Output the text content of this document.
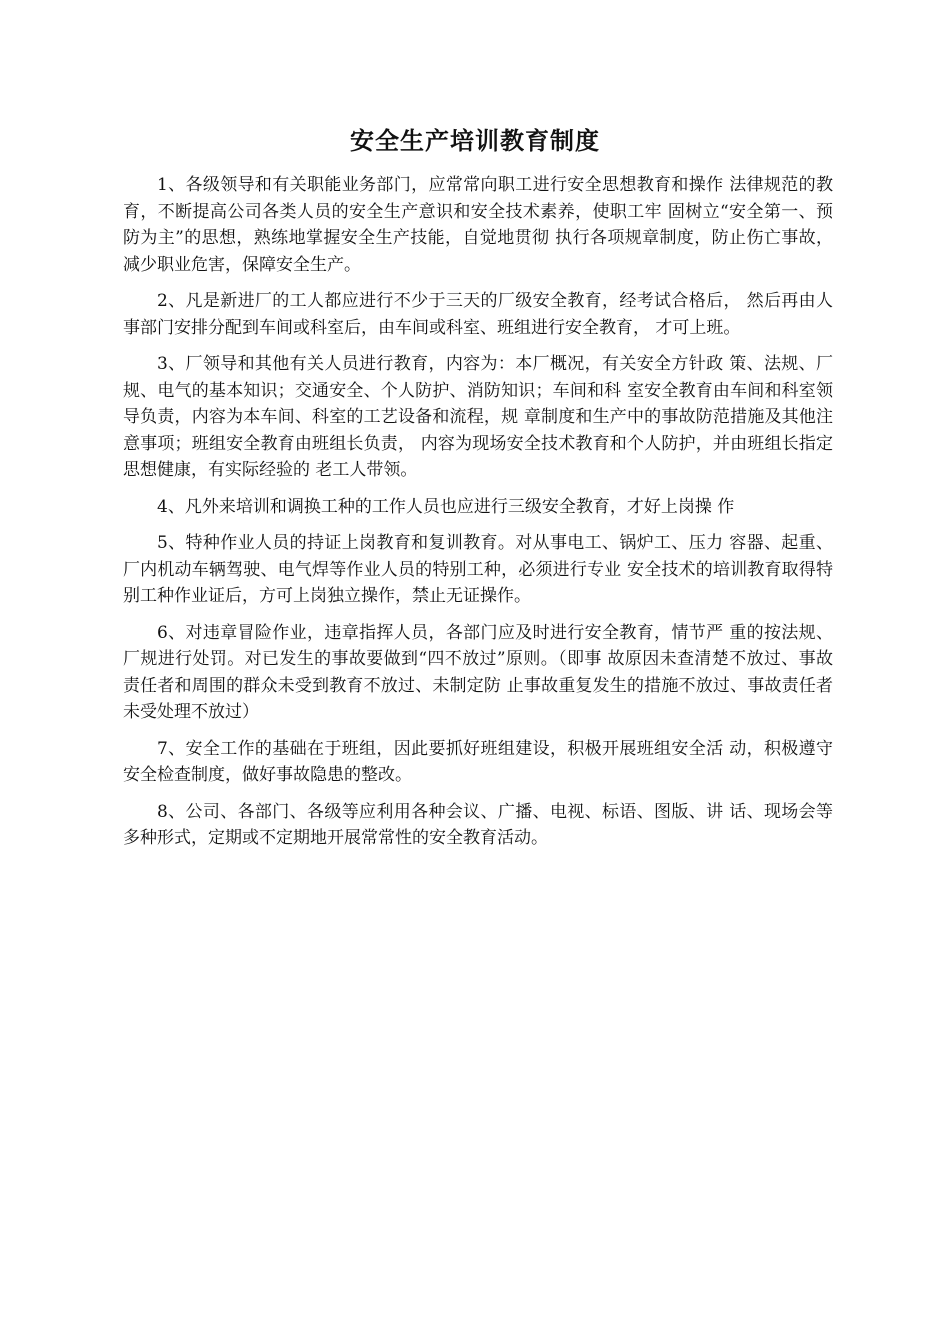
安全生产培训教育制度

1、各级领导和有关职能业务部门，应常常向职工进行安全思想教育和操作 法律规范的教育，不断提高公司各类人员的安全生产意识和安全技术素养，使职工牢 固树立“安全第一、预防为主”的思想，熟练地掌握安全生产技能，自觉地贯彻 执行各项规章制度，防止伤亡事故，减少职业危害，保障安全生产。

2、凡是新进厂的工人都应进行不少于三天的厂级安全教育，经考试合格后， 然后再由人事部门安排分配到车间或科室后，由车间或科室、班组进行安全教育， 才可上班。

3、厂领导和其他有关人员进行教育，内容为：本厂概况，有关安全方针政 策、法规、厂规、电气的基本知识；交通安全、个人防护、消防知识；车间和科 室安全教育由车间和科室领导负责，内容为本车间、科室的工艺设备和流程，规 章制度和生产中的事故防范措施及其他注意事项；班组安全教育由班组长负责， 内容为现场安全技术教育和个人防护，并由班组长指定思想健康，有实际经验的 老工人带领。

4、凡外来培训和调换工种的工作人员也应进行三级安全教育，才好上岗操 作

5、特种作业人员的持证上岗教育和复训教育。对从事电工、锅炉工、压力 容器、起重、厂内机动车辆驾驶、电气焊等作业人员的特别工种，必须进行专业 安全技术的培训教育取得特别工种作业证后，方可上岗独立操作，禁止无证操作。

6、对违章冒险作业，违章指挥人员，各部门应及时进行安全教育，情节严 重的按法规、厂规进行处罚。对已发生的事故要做到“四不放过”原则。（即事 故原因未查清楚不放过、事故责任者和周围的群众未受到教育不放过、未制定防 止事故重复发生的措施不放过、事故责任者未受处理不放过）

7、安全工作的基础在于班组，因此要抓好班组建设，积极开展班组安全活 动，积极遵守安全检查制度，做好事故隐患的整改。

8、公司、各部门、各级等应利用各种会议、广播、电视、标语、图版、讲 话、现场会等多种形式，定期或不定期地开展常常性的安全教育活动。
